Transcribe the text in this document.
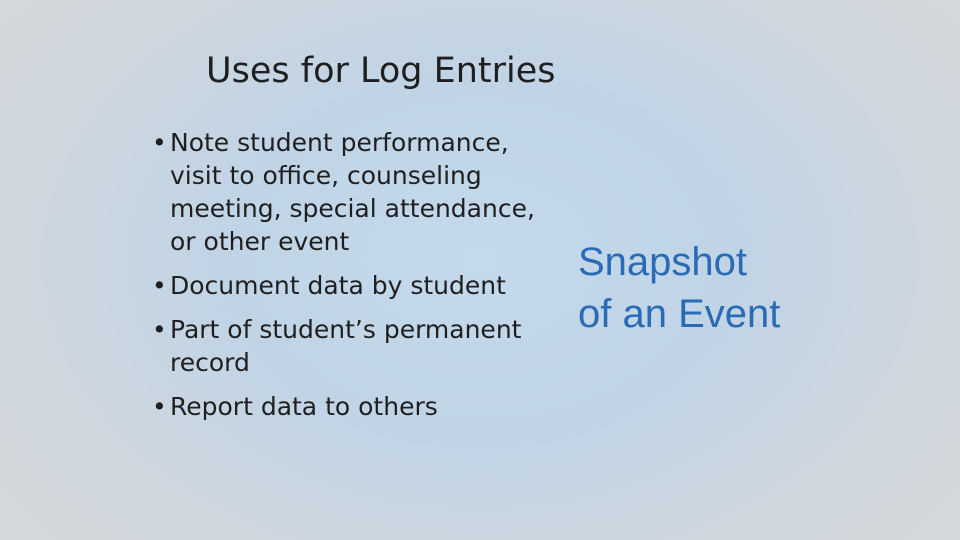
Uses for Log Entries
• Note student performance, visit to office, counseling meeting, special attendance, or other event
• Document data by student
• Part of student’s permanent record
• Report data to others
Snapshot
of an Event
